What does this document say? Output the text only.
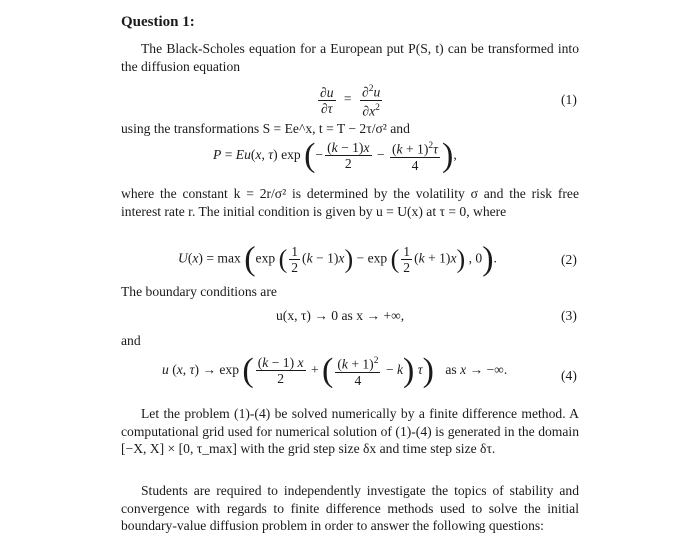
Question 1:
The Black-Scholes equation for a European put P(S, t) can be transformed into the diffusion equation
$\frac{\partial u}{\partial\tau} = \frac{\partial^2u}{\partial x^2}$	(1)
using the transformations S = Ee^x, t = T − 2τ/σ² and
P = Eu(x, τ) exp (− $\frac{(k - 1)x}{2} - \frac{(k + 1)^2\tau}{4}$ ),
where the constant k = 2r/σ² is determined by the volatility σ and the risk free interest rate r. The initial condition is given by u = U(x) at τ = 0, where
U(x) = max (exp ( $\frac{1}{2} (k - 1)x) - \exp$ ( $\frac{1}{2} (k + 1)x$) , 0).	(2)
The boundary conditions are
u(x, τ) → 0 as x → +∞,	(3)
and
u (x, τ) → exp ( $\frac{(k - 1) x}{2}$ + ( $\frac{(k + 1)^2}{4} - k$) τ) as x → −∞.	(4)
Let the problem (1)-(4) be solved numerically by a finite difference method. A computational grid used for numerical solution of (1)-(4) is generated in the domain [−X, X] × [0, τ_max] with the grid step size δx and time step size δτ.
Students are required to independently investigate the topics of stability and convergence with regards to finite difference methods used to solve the initial boundary-value diffusion problem in order to answer the following questions:
